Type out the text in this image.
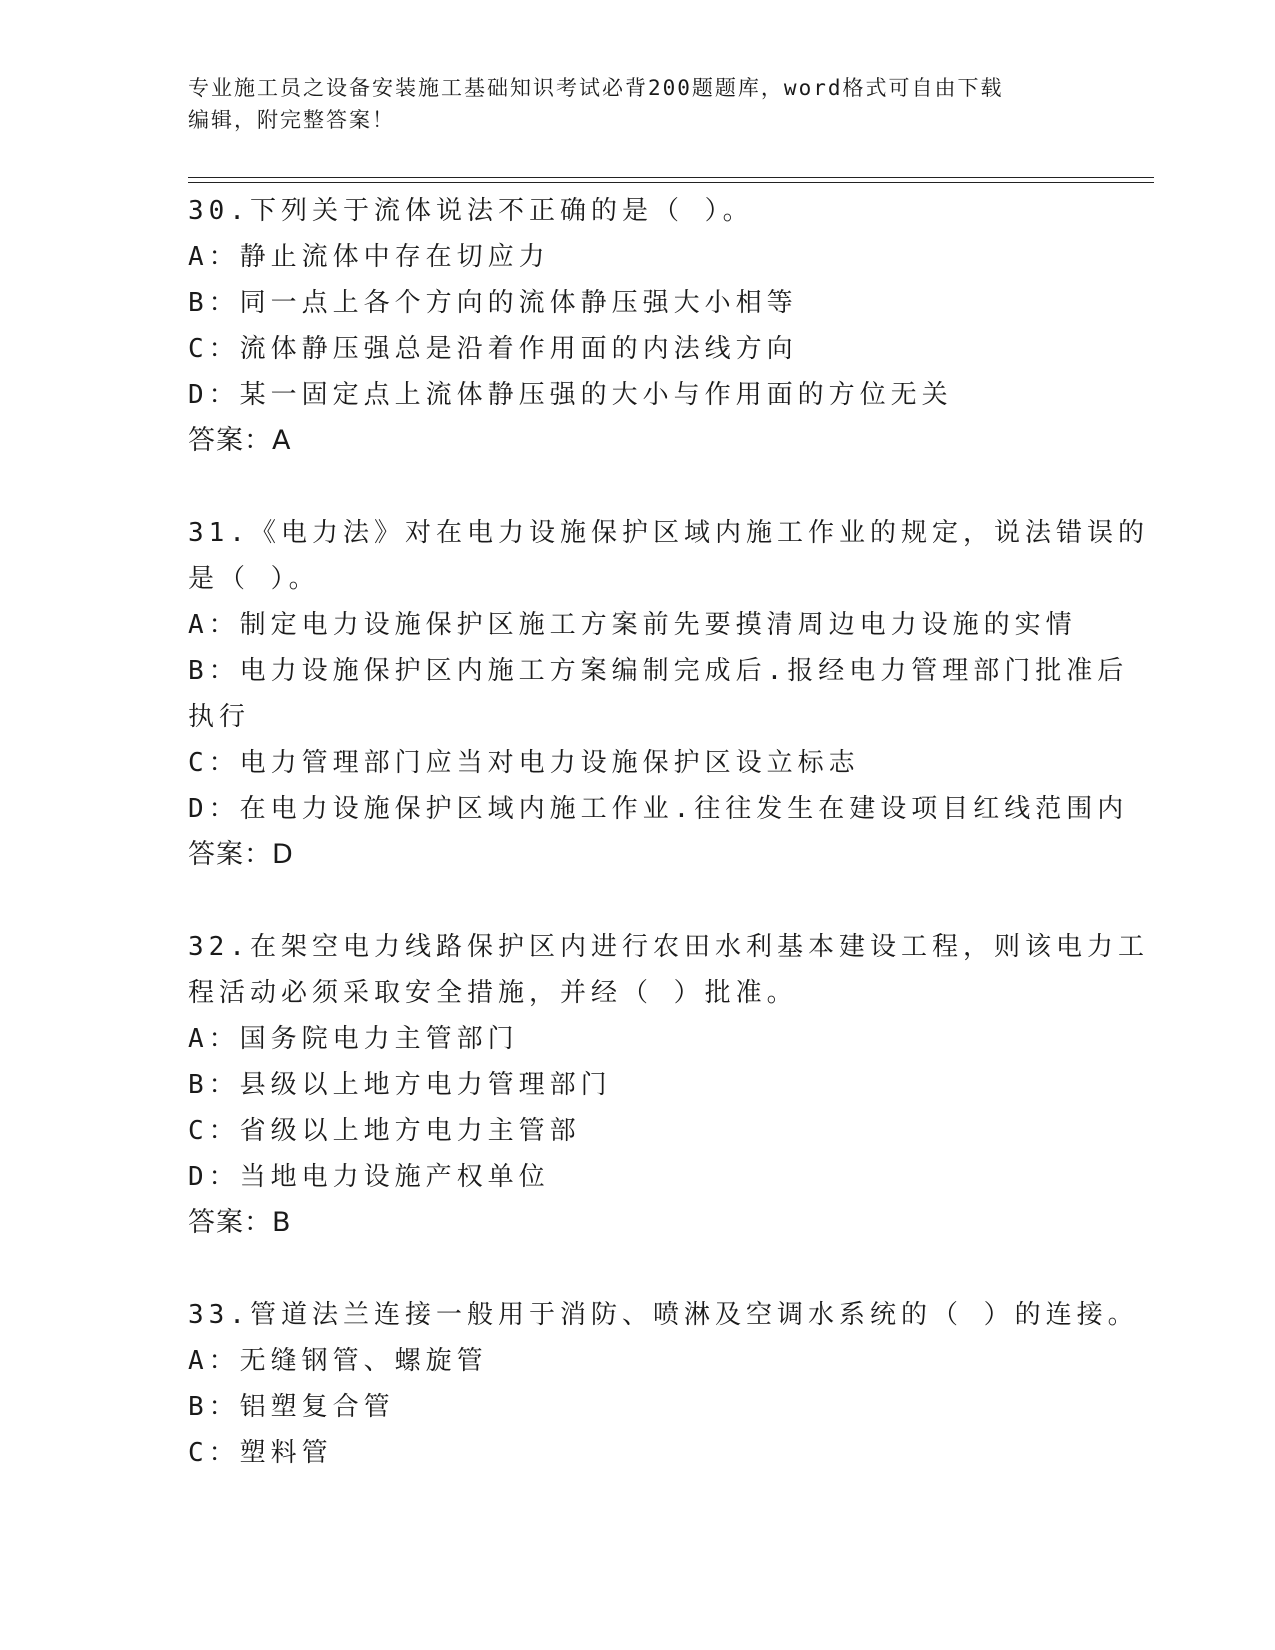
专业施工员之设备安装施工基础知识考试必背200题题库，word格式可自由下载
编辑，附完整答案！
30.下列关于流体说法不正确的是（ ）。
A：静止流体中存在切应力
B：同一点上各个方向的流体静压强大小相等
C：流体静压强总是沿着作用面的内法线方向
D：某一固定点上流体静压强的大小与作用面的方位无关
答案：A
31.《电力法》对在电力设施保护区域内施工作业的规定，说法错误的
是（ ）。
A：制定电力设施保护区施工方案前先要摸清周边电力设施的实情
B：电力设施保护区内施工方案编制完成后.报经电力管理部门批准后
执行
C：电力管理部门应当对电力设施保护区设立标志
D：在电力设施保护区域内施工作业.往往发生在建设项目红线范围内
答案：D
32.在架空电力线路保护区内进行农田水利基本建设工程，则该电力工
程活动必须采取安全措施，并经（ ）批准。
A：国务院电力主管部门
B：县级以上地方电力管理部门
C：省级以上地方电力主管部
D：当地电力设施产权单位
答案：B
33.管道法兰连接一般用于消防、喷淋及空调水系统的（ ）的连接。
A：无缝钢管、螺旋管
B：铝塑复合管
C：塑料管
